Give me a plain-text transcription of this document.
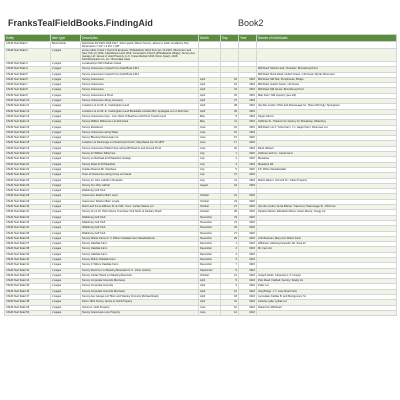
FranksTealFieldBooks.FindingAid	Book2
Entity	Item type	Description	Month	Day	Year	Names of Individuals
CSHS Teal.Teal2.1	Bound book	Field book 4th 1915 1916 1917. John Lipsett, Wilcox Survey, James H. Hold; Conditions Two; Dimensions 7 1/4" x 4 3/4" x 3/8"				
CSHS Teal.Teal2.2	2 pages	survey table, Frank L Teal Civil Engineer, Philadelphia; Work from Apr 13 1915; Silverman Land New York (1) 1916; Juliet/Wood Land 1916; Corporation Church (Philadelphia Village); Survey Ave Garage Ltd; James H. Hold Property; H.C. Frese Medical 1916; Dixon Quarry 1916; Kitchell/Hopkins Co. Inc.; Bronxdale Hotel				
CSHS Teal.Teal2.3	2 pages	Lorraine/Hyer Mill Chatham Canal				
CSHS Teal.Teal2.4	2 pages	Survey Gracemere Copied From Field Book 1914				Mill Road; Michel Land; Chamber; Buzzaboug Pond
CSHS Teal.Teal2.5	2 pages	Survey Gracemere Copied From Field Book 1914				Mill Road; Rock Road; Hubert Green; mill house; Myrtle Monument
CSHS Teal.Teal2.6	2 pages	Survey Gracemere	April	18	1915	Mill Road; Mill Site; Pumphouse; Bridge
CSHS Teal.Teal2.7	2 pages	Survey Gracemere	April	18	1915	Mill Road; Hubert Green; mill house
CSHS Teal.Teal2.8	2 pages	Survey Gracemere	April	19	1915	Mill Road; Mill House; Buzzaboug Pond
CSHS Teal.Teal2.9	2 pages	Survey Gracemere & Pond	April	20	1915	Map Farm; Mill property (see left)
CSHS Teal.Teal2.10	2 pages	Survey Gracemere Along Cemetery	April	27	1915	
CSHS Teal.Teal2.11	2 pages	Location Lot on Mr. E. Cushingham Land	April	28	1915	Van Der Linden; Pitch and Pawnsuage St.; Sheet 200 Ugly; Springtown
CSHS Teal.Teal2.12	2 pages	Location Lot on Mr. E. Cushingham Land Broadside Located Mrs. Applegate Lot on Ruth Ave	April	29	1915	
CSHS Teal.Teal2.13	2 pages	Survey Gracemere Hwy - Line: West of Beaches and Pond; Tuxedo Land	May	8	1915	Negev Farms
CSHS Teal.Teal2.14	2 pages	Survey William Silberman Lot Red Hook	May	11	1915	Hoffman St.; Tobacco lot; Factory lot; Broadway; Waterbury
CSHS Teal.Teal2.15	2 pages	Survey Residence	June	10	1915	Mill Road; Lot 4; Turks Farm; J.J. Hager Farm; Riverview Lot
CSHS Teal.Teal2.16	2 pages	Survey Gracemere along Water	June	15	1915	
CSHS Teal.Teal2.17	2 pages	Survey Blessing Parsonage Lot	June	16	1915	
CSHS Teal.Teal2.18	2 pages	Location Lot Parsonage Lot Reformed Church; Map Dated Jan 20 1875	June	17	1915	
CSHS Teal.Teal2.19	2 pages	Survey Gracemere Platted Tops along Mill Road In and Around Pond	June	20	1915	Band Hilltown
CSHS Teal.Teal2.20	2 pages	Survey for William Silberman	July	1	1915	Hoffman and Co.; Center land
CSHS Teal.Teal2.21	2 pages	Survey on Railroad at Mt Meadow Cottage	July	2	1915	Meadows
CSHS Teal.Teal2.22	2 pages	Survey Road at Mt Meadows	July	3	1915	Meadows Rd.
CSHS Teal.Teal2.23	2 pages	Grades Road at Mt. Stephens	July	5	1915	F.P. Wilcox Meadowdale
CSHS Teal.Teal2.24	2 pages	Town of Gracemere along Cross Lot Canal	July	27	1915	
CSHS Teal.Teal2.25	2 pages	Survey for John LaFrail in Rosedell	July	31	1915	Martin Allison; Ormond St.; Indian Property
CSHS Teal.Teal2.26	2 pages	Survey For John LaFrail	August	24	1915	
CSHS Teal.Teal2.27	2 pages	Wadsburg Golf Club				
CSHS Teal.Teal2.28	2 pages	Gracemere Road to Barn Land	October	21	1915	
CSHS Teal.Teal2.29	2 pages	Gracemere Road to Barn Levels	October	23	1915	
CSHS Teal.Teal2.30	2 pages	Field Land & Lot Address Sr. E.I Mfc. Conn. Jordan Mason Lot	October	27	1915	Van der Linden; Annie Bishop; Travel Lot; Pawnsuage St.; Pitch line
CSHS Teal.Teal2.31	2 pages	Survey of Lot for Tilton Moore Trust New York North of Sanitary Road	October	28	1915	Stephen Moore; Elizabeth Moore; Hiram Moore; Gregg Lot
CSHS Teal.Teal2.32	2 pages	Wadsburg Golf Club	November	23	1915	
CSHS Teal.Teal2.33	2 pages	Wadsburg Golf Club	November	24	1915	
CSHS Teal.Teal2.34	2 pages	Wadsburg Golf Club	November	26	1915	
CSHS Teal.Teal2.35	2 pages	Wadsburg Golf Club	November	27	1915	
CSHS Teal.Teal2.36	2 pages	Survey Wilcox Farms F. V. Wilcox Oakdale Farm Meadowbrook	November	29	1915	Crib Bowman; Mary Ann Wilcox Farm
CSHS Teal.Teal2.37	2 pages	Survey Oakdale Farm	December	1	1915	Wilkinson; Meeting Houselot; Mt. Sinai lot
CSHS Teal.Teal2.38	2 pages	Survey Oakdale Farm	December	2	1915	Mt. Farm lot
CSHS Teal.Teal2.39	2 pages	Survey Oakdale Farm	December	4	1915	
CSHS Teal.Teal2.40	2 pages	Survey Wilcox Oakdale Farm	December	6	1915	
CSHS Teal.Teal2.41	2 pages	Survey F. Wilcox Oakdale Farm	December	7	1915	
CSHS Teal.Teal2.42	2 pages	Survey Wood Lot on Meeting Mountain for C. Victor Jenkins	September	5	1916	
CSHS Teal.Teal2.43	2 pages	Survey Jordan Wood Lot Meeting Mountain	October	21	1915	Joseph Hicks; Carpenter's; P. Cooper
CSHS Teal.Teal2.44	2 pages	Survey Corporate Grounds Riverview	April	5	1916	Post Road; Flatbed; Factory; Realty Co.
CSHS Teal.Teal2.45	2 pages	Survey Corporate Grounds	April	6	1916	Fuller Lot
CSHS Teal.Teal2.46	2 pages	Survey Corporate Grounds Riverview	April	12	1916	Hog Bridge; J. T. Lane Road View
CSHS Teal.Teal2.47	2 pages	Survey Ave Garage Ltd Tilton and Stanley Formerly Michael Realty	April	18	1916	Lyonsdale; Kettlas B. and Montgomery St.
CSHS Teal.Teal2.48	2 pages	Dixon 1901 Survey James H. Hold Property	April	24	1916	Antoine Lydia; Lydias Lot
CSHS Teal.Teal2.49	2 pages	James H. Hold Property	June	10	1916	Robert lot; Mill Road
CSHS Teal.Teal2.50	2 pages	Survey Gracemere Lots Property	June	12	1916	
